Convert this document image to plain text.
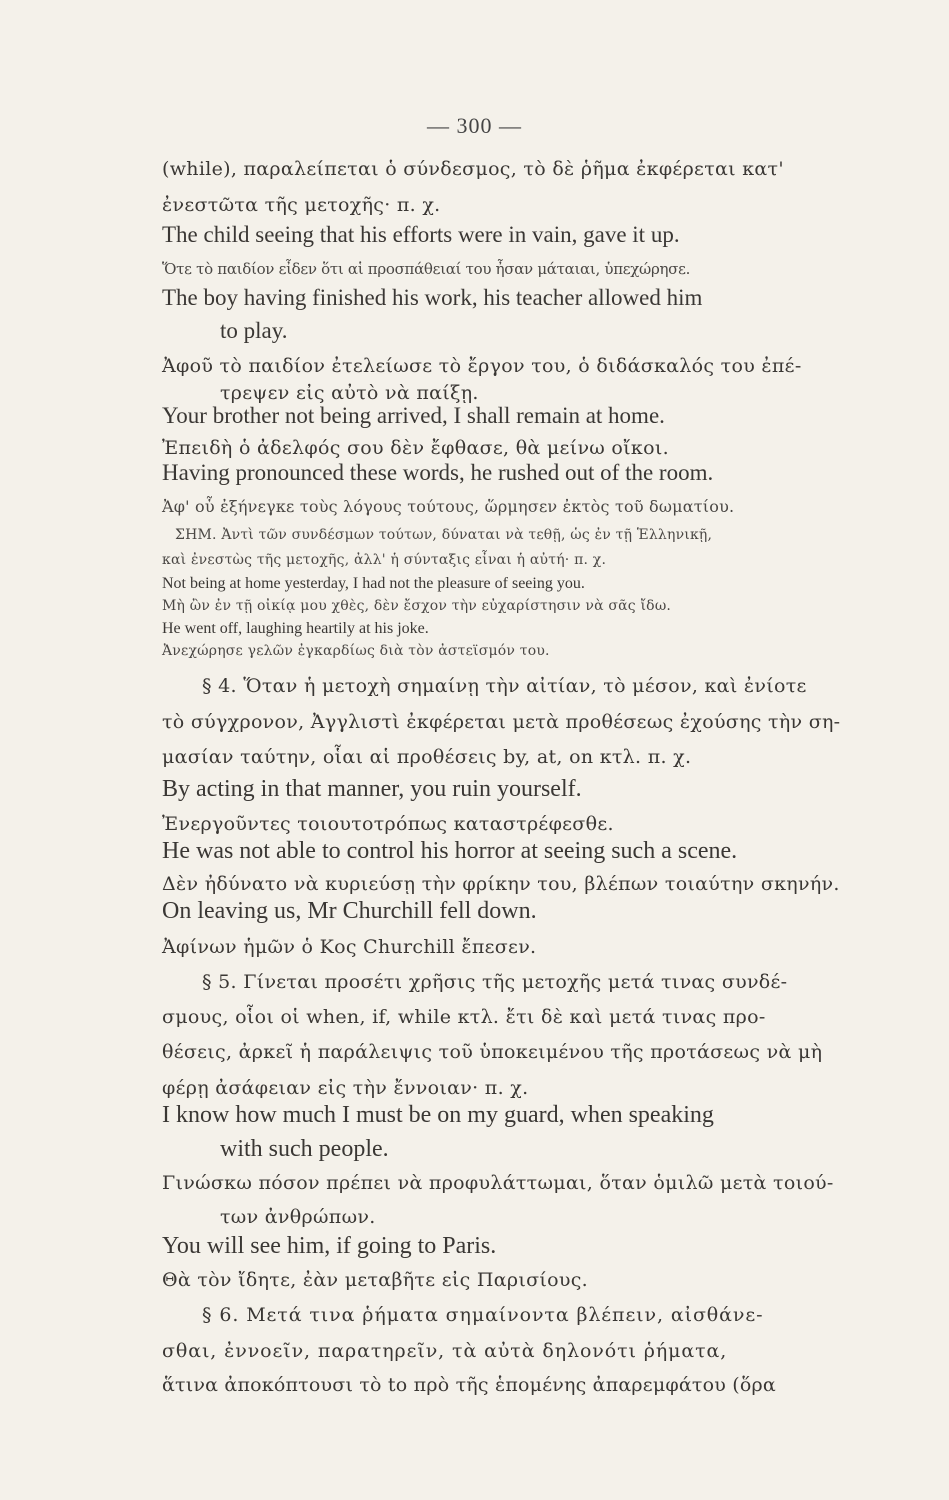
— 300 —
(while), παραλείπεται ὁ σύνδεσμος, τὸ δὲ ῥῆμα ἐκφέρεται κατ'
ἐνεστῶτα τῆς μετοχῆς· π. χ.
The child seeing that his efforts were in vain, gave it up.
Ὅτε τὸ παιδίον εἶδεν ὅτι αἱ προσπάθειαί του ἦσαν μάταιαι, ὑπεχώρησε.
The boy having finished his work, his teacher allowed him
to play.
Ἀφοῦ τὸ παιδίον ἐτελείωσε τὸ ἔργον του, ὁ διδάσκαλός του ἐπέ-
τρεψεν εἰς αὐτὸ νὰ παίξῃ.
Your brother not being arrived, I shall remain at home.
Ἐπειδὴ ὁ ἀδελφός σου δὲν ἔφθασε, θὰ μείνω οἴκοι.
Having pronounced these words, he rushed out of the room.
Ἀφ' οὗ ἐξήνεγκε τοὺς λόγους τούτους, ὥρμησεν ἐκτὸς τοῦ δωματίου.
ΣΗΜ. Ἀντὶ τῶν συνδέσμων τούτων, δύναται νὰ τεθῇ, ὡς ἐν τῇ Ἑλληνικῇ,
καὶ ἐνεστὼς τῆς μετοχῆς, ἀλλ' ἡ σύνταξις εἶναι ἡ αὐτή· π. χ.
Not being at home yesterday, I had not the pleasure of seeing you.
Μὴ ὢν ἐν τῇ οἰκίᾳ μου χθὲς, δὲν ἔσχον τὴν εὐχαρίστησιν νὰ σᾶς ἴδω.
He went off, laughing heartily at his joke.
Ἀνεχώρησε γελῶν ἐγκαρδίως διὰ τὸν ἀστεϊσμόν του.
§ 4. Ὅταν ἡ μετοχὴ σημαίνῃ τὴν αἰτίαν, τὸ μέσον, καὶ ἐνίοτε
τὸ σύγχρονον, Ἀγγλιστὶ ἐκφέρεται μετὰ προθέσεως ἐχούσης τὴν ση-
μασίαν ταύτην, οἷαι αἱ προθέσεις by, at, on κτλ. π. χ.
By acting in that manner, you ruin yourself.
Ἐνεργοῦντες τοιουτοτρόπως καταστρέφεσθε.
He was not able to control his horror at seeing such a scene.
Δὲν ἠδύνατο νὰ κυριεύσῃ τὴν φρίκην του, βλέπων τοιαύτην σκηνήν.
On leaving us, Mr Churchill fell down.
Ἀφίνων ἡμῶν ὁ Κος Churchill ἔπεσεν.
§ 5. Γίνεται προσέτι χρῆσις τῆς μετοχῆς μετά τινας συνδέ-
σμους, οἷοι οἱ when, if, while κτλ. ἔτι δὲ καὶ μετά τινας προ-
θέσεις, ἀρκεῖ ἡ παράλειψις τοῦ ὑποκειμένου τῆς προτάσεως νὰ μὴ
φέρῃ ἀσάφειαν εἰς τὴν ἔννοιαν· π. χ.
I know how much I must be on my guard, when speaking
with such people.
Γινώσκω πόσον πρέπει νὰ προφυλάττωμαι, ὅταν ὁμιλῶ μετὰ τοιού-
των ἀνθρώπων.
You will see him, if going to Paris.
Θὰ τὸν ἴδητε, ἐὰν μεταβῆτε εἰς Παρισίους.
§ 6. Μετά τινα ῥήματα σημαίνοντα βλέπειν, αἰσθάνε-
σθαι, ἐννοεῖν, παρατηρεῖν, τὰ αὐτὰ δηλονότι ῥήματα,
ἅτινα ἀποκόπτουσι τὸ to πρὸ τῆς ἑπομένης ἀπαρεμφάτου (ὅρα
